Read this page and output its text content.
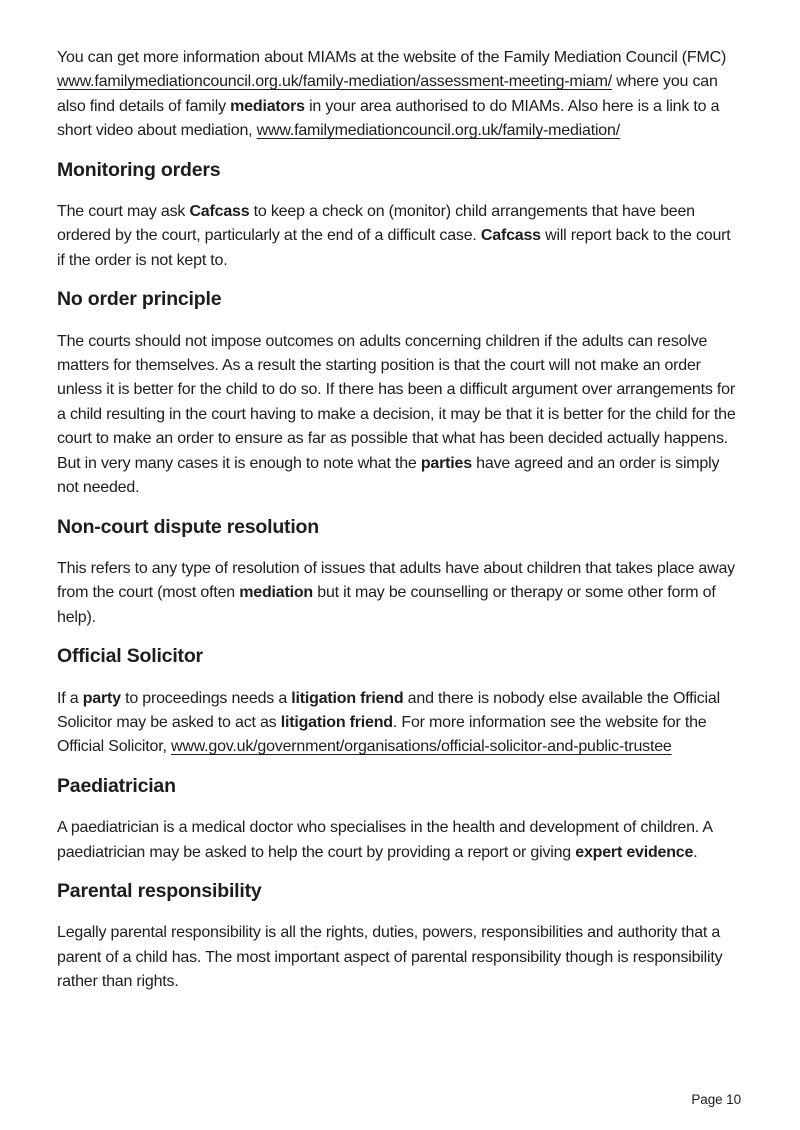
You can get more information about MIAMs at the website of the Family Mediation Council (FMC) www.familymediationcouncil.org.uk/family-mediation/assessment-meeting-miam/ where you can also find details of family mediators in your area authorised to do MIAMs. Also here is a link to a short video about mediation, www.familymediationcouncil.org.uk/family-mediation/

Monitoring orders

The court may ask Cafcass to keep a check on (monitor) child arrangements that have been ordered by the court, particularly at the end of a difficult case. Cafcass will report back to the court if the order is not kept to.

No order principle

The courts should not impose outcomes on adults concerning children if the adults can resolve matters for themselves. As a result the starting position is that the court will not make an order unless it is better for the child to do so. If there has been a difficult argument over arrangements for a child resulting in the court having to make a decision, it may be that it is better for the child for the court to make an order to ensure as far as possible that what has been decided actually happens. But in very many cases it is enough to note what the parties have agreed and an order is simply not needed.

Non-court dispute resolution

This refers to any type of resolution of issues that adults have about children that takes place away from the court (most often mediation but it may be counselling or therapy or some other form of help).

Official Solicitor

If a party to proceedings needs a litigation friend and there is nobody else available the Official Solicitor may be asked to act as litigation friend. For more information see the website for the Official Solicitor, www.gov.uk/government/organisations/official-solicitor-and-public-trustee

Paediatrician

A paediatrician is a medical doctor who specialises in the health and development of children. A paediatrician may be asked to help the court by providing a report or giving expert evidence.

Parental responsibility

Legally parental responsibility is all the rights, duties, powers, responsibilities and authority that a parent of a child has. The most important aspect of parental responsibility though is responsibility rather than rights.

Page 10
